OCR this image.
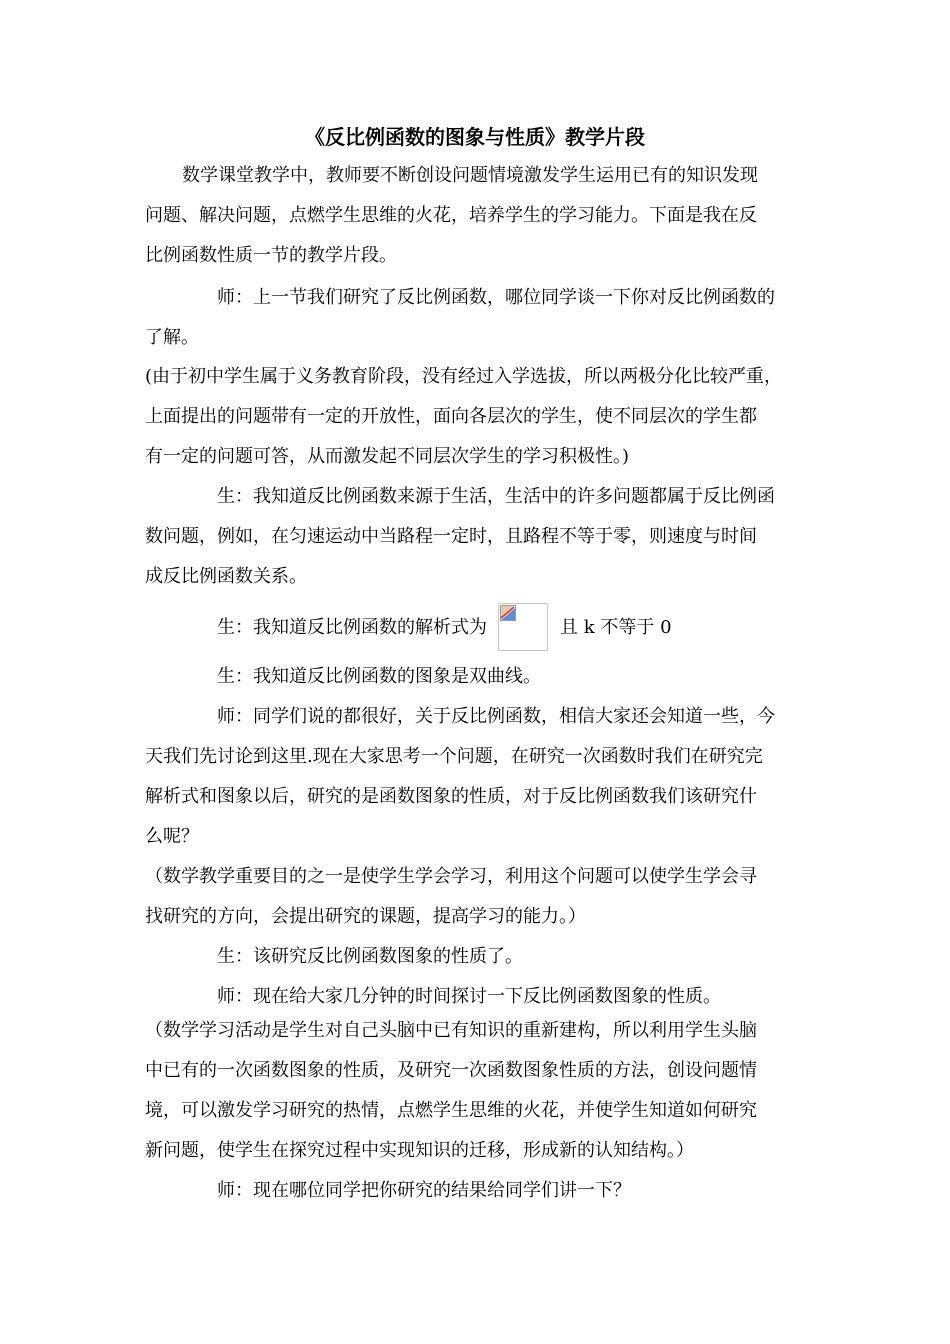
《反比例函数的图象与性质》教学片段
数学课堂教学中，教师要不断创设问题情境激发学生运用已有的知识发现
问题、解决问题，点燃学生思维的火花，培养学生的学习能力。下面是我在反
比例函数性质一节的教学片段。
师：上一节我们研究了反比例函数，哪位同学谈一下你对反比例函数的
了解。
(由于初中学生属于义务教育阶段，没有经过入学选拔，所以两极分化比较严重，
上面提出的问题带有一定的开放性，面向各层次的学生，使不同层次的学生都
有一定的问题可答，从而激发起不同层次学生的学习积极性。)
生：我知道反比例函数来源于生活，生活中的许多问题都属于反比例函
数问题，例如，在匀速运动中当路程一定时，且路程不等于零，则速度与时间
成反比例函数关系。
生：我知道反比例函数的解析式为	且 k 不等于 0
生：我知道反比例函数的图象是双曲线。
师：同学们说的都很好，关于反比例函数，相信大家还会知道一些，今
天我们先讨论到这里.现在大家思考一个问题，在研究一次函数时我们在研究完
解析式和图象以后，研究的是函数图象的性质，对于反比例函数我们该研究什
么呢？
（数学教学重要目的之一是使学生学会学习，利用这个问题可以使学生学会寻
找研究的方向，会提出研究的课题，提高学习的能力。）
生：该研究反比例函数图象的性质了。
师：现在给大家几分钟的时间探讨一下反比例函数图象的性质。
（数学学习活动是学生对自己头脑中已有知识的重新建构，所以利用学生头脑
中已有的一次函数图象的性质，及研究一次函数图象性质的方法，创设问题情
境，可以激发学习研究的热情，点燃学生思维的火花，并使学生知道如何研究
新问题，使学生在探究过程中实现知识的迁移，形成新的认知结构。）
师：现在哪位同学把你研究的结果给同学们讲一下？
